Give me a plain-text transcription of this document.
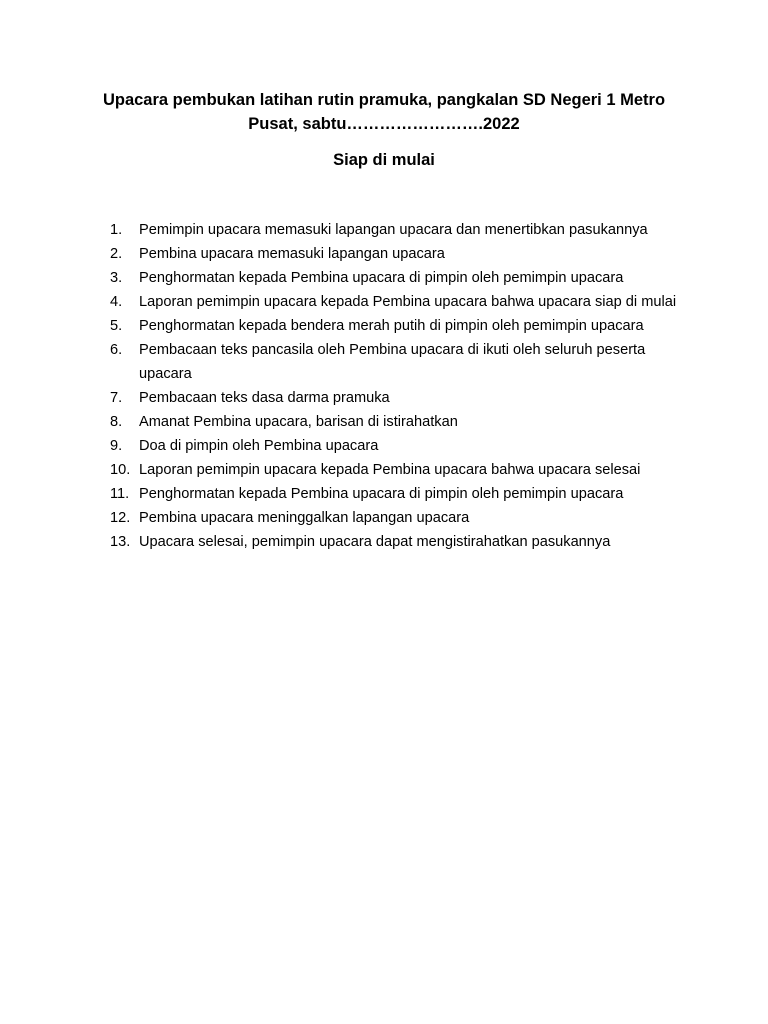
Upacara pembukan latihan rutin pramuka, pangkalan SD Negeri 1 Metro Pusat, sabtu…………………….2022
Siap di mulai
1.	Pemimpin upacara memasuki lapangan upacara dan menertibkan pasukannya
2.	Pembina upacara memasuki lapangan upacara
3.	Penghormatan kepada Pembina upacara di pimpin oleh pemimpin upacara
4.	Laporan pemimpin upacara kepada Pembina upacara bahwa upacara siap di mulai
5.	Penghormatan kepada bendera merah putih di pimpin oleh pemimpin upacara
6.	Pembacaan teks pancasila oleh Pembina upacara di ikuti oleh seluruh peserta upacara
7.	Pembacaan teks dasa darma pramuka
8.	Amanat Pembina upacara, barisan di istirahatkan
9.	Doa di pimpin oleh Pembina upacara
10. Laporan pemimpin upacara kepada Pembina upacara bahwa upacara selesai
11. Penghormatan kepada Pembina upacara di pimpin oleh pemimpin upacara
12. Pembina upacara meninggalkan lapangan upacara
13. Upacara selesai, pemimpin upacara dapat mengistirahatkan pasukannya
